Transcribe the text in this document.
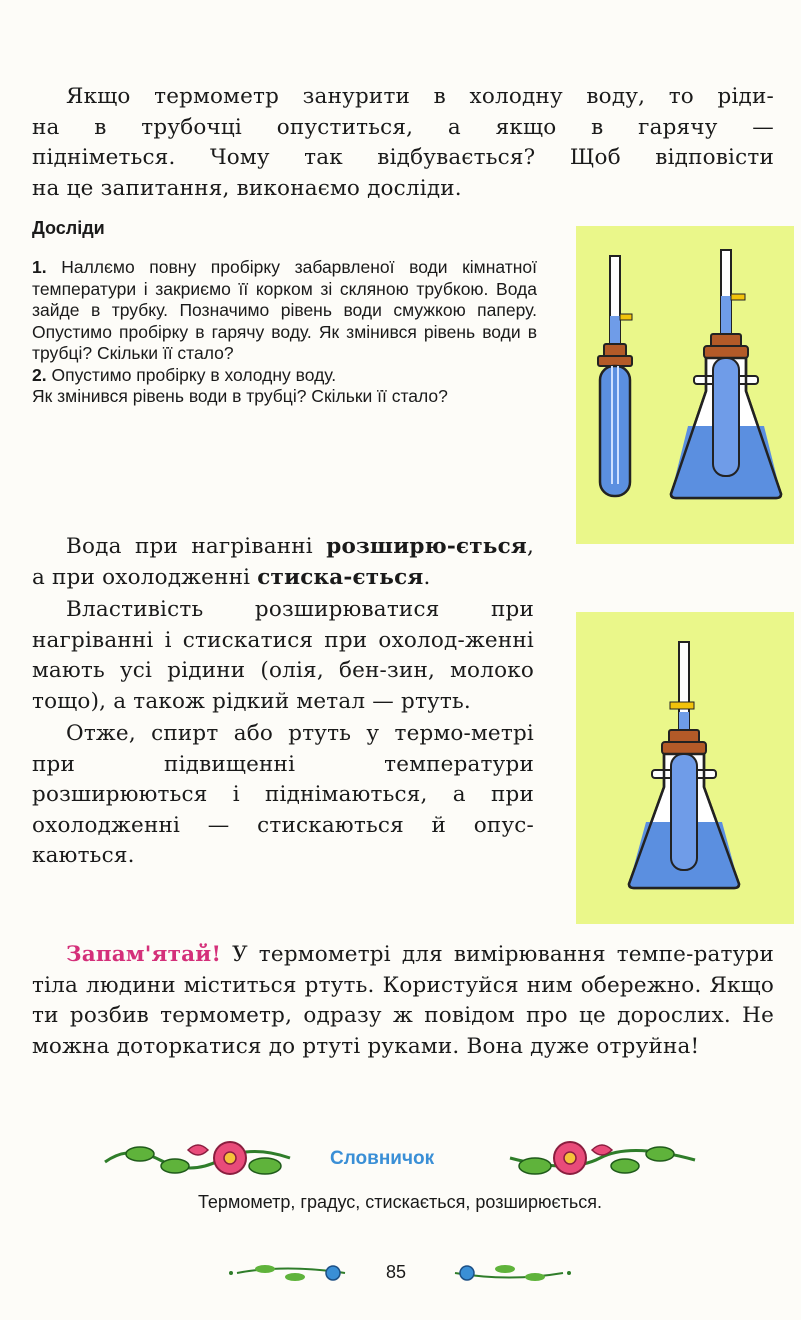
Якщо термометр занурити в холодну воду, то ріди-
на в трубочці опуститься, а якщо в гарячу —
підніметься. Чому так відбувається? Щоб відповісти
на це запитання, виконаємо досліди.
Досліди

1. Наллємо повну пробірку забарвленої води кімнатної температури і закриємо її корком зі скляною трубкою. Вода зайде в трубку. Позначимо рівень води смужкою паперу. Опустимо пробірку в гарячу воду. Як змінився рівень води в трубці? Скільки її стало?

2. Опустимо пробірку в холодну воду.
Як змінився рівень води в трубці? Скільки її стало?

Вода при нагріванні розширю-ється, а при охолодженні стиска-ється.

Властивість розширюватися при нагріванні і стискатися при охолод-женні мають усі рідини (олія, бен-зин, молоко тощо), а також рідкий метал — ртуть.

Отже, спирт або ртуть у термо-метрі при підвищенні температури розширюються і піднімаються, а при охолодженні — стискаються й опус-каються.

Запам'ятай! У термометрі для вимірювання темпе-ратури тіла людини міститься ртуть. Користуйся ним обережно. Якщо ти розбив термометр, одразу ж повідом про це дорослих. Не можна доторкатися до ртуті руками. Вона дуже отруйна!

Словничок
Термометр, градус, стискається, розширюється.
85
